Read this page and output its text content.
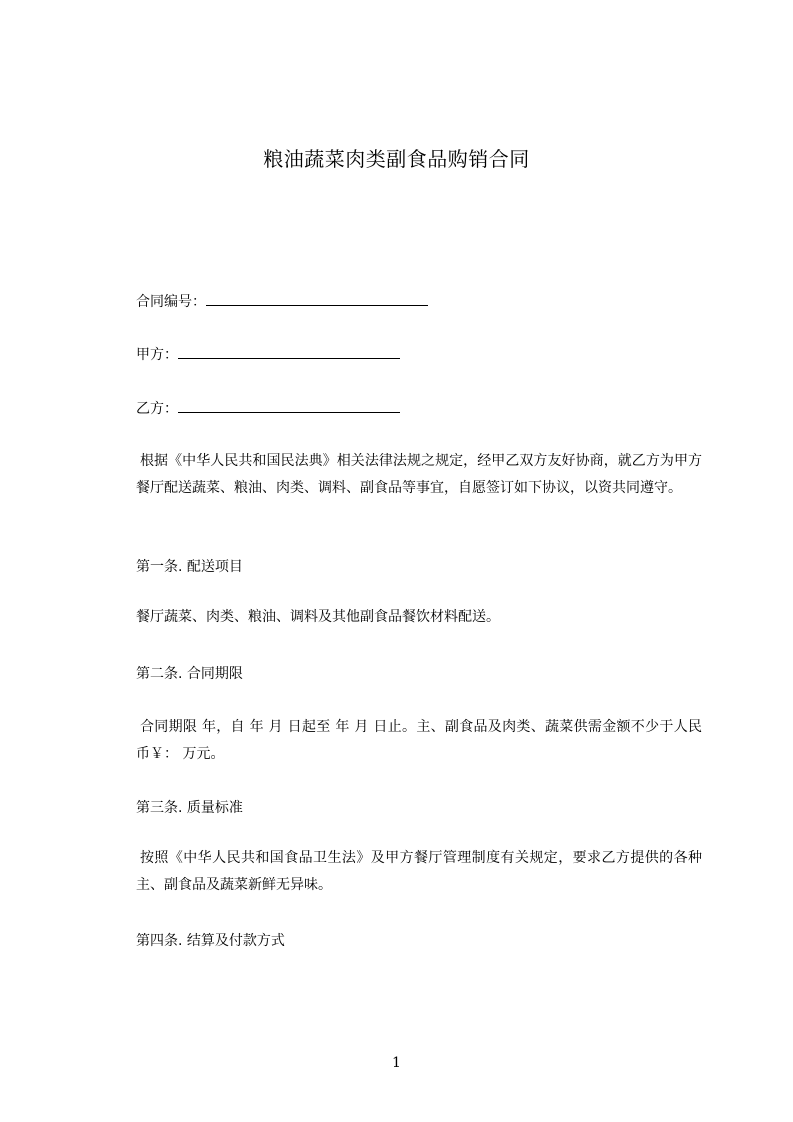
粮油蔬菜肉类副食品购销合同
合同编号：
甲方：
乙方：

根据《中华人民共和国民法典》相关法律法规之规定，经甲乙双方友好协商，就乙方为甲方餐厅配送蔬菜、粮油、肉类、调料、副食品等事宜，自愿签订如下协议，以资共同遵守。

第一条. 配送项目

餐厅蔬菜、肉类、粮油、调料及其他副食品餐饮材料配送。

第二条. 合同期限

合同期限 年，自 年 月 日起至 年 月 日止。主、副食品及肉类、蔬菜供需金额不少于人民币￥： 万元。

第三条. 质量标准

按照《中华人民共和国食品卫生法》及甲方餐厅管理制度有关规定，要求乙方提供的各种主、副食品及蔬菜新鲜无异味。

第四条. 结算及付款方式
1
